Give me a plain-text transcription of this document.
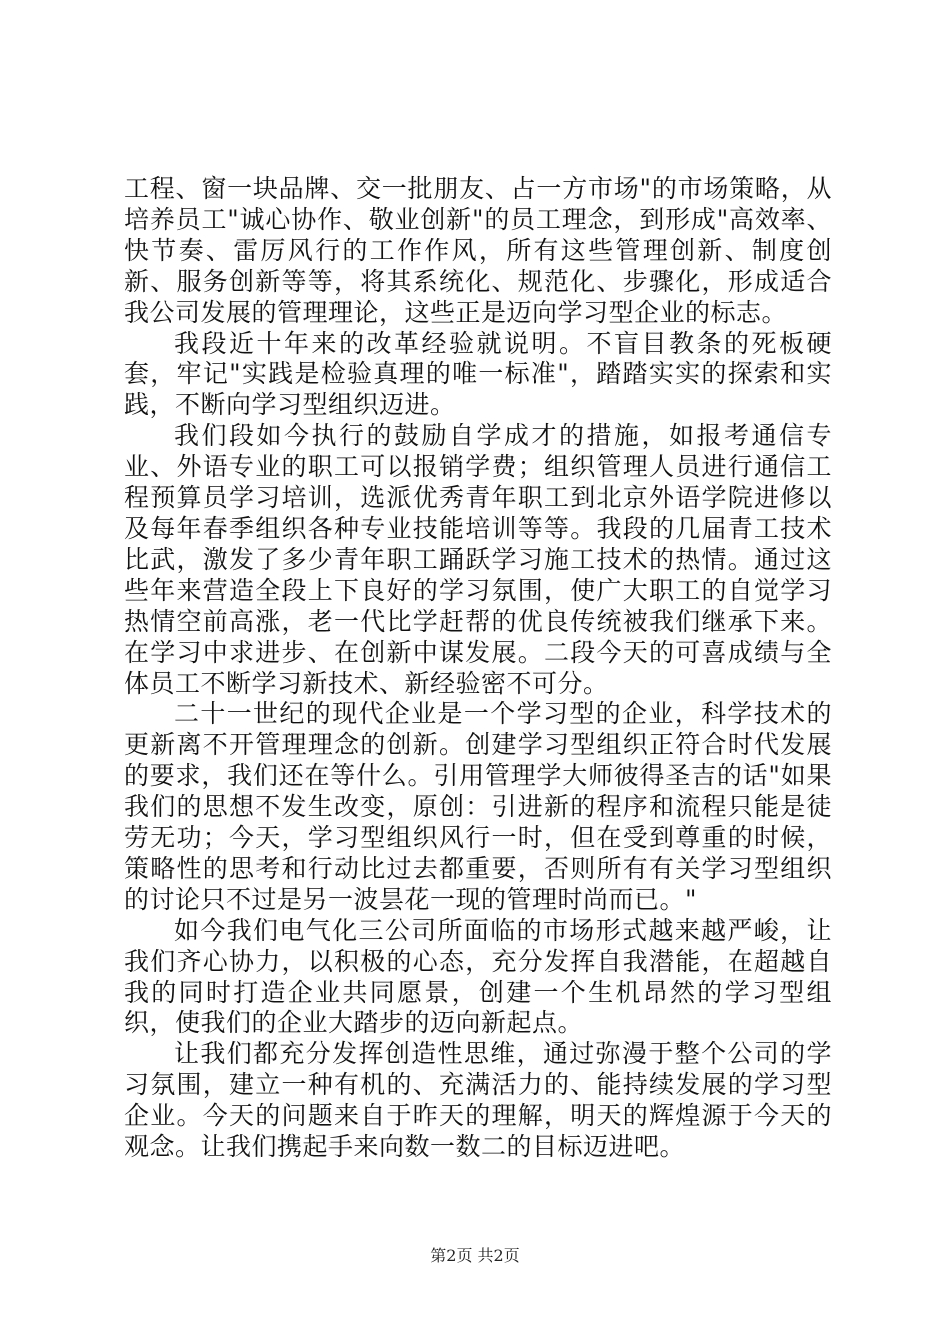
工程、窗一块品牌、交一批朋友、占一方市场"的市场策略，从培养员工"诚心协作、敬业创新"的员工理念，到形成"高效率、快节奏、雷厉风行的工作作风，所有这些管理创新、制度创新、服务创新等等，将其系统化、规范化、步骤化，形成适合我公司发展的管理理论，这些正是迈向学习型企业的标志。

我段近十年来的改革经验就说明。不盲目教条的死板硬套，牢记"实践是检验真理的唯一标准"，踏踏实实的探索和实践，不断向学习型组织迈进。

我们段如今执行的鼓励自学成才的措施，如报考通信专业、外语专业的职工可以报销学费；组织管理人员进行通信工程预算员学习培训，选派优秀青年职工到北京外语学院进修以及每年春季组织各种专业技能培训等等。我段的几届青工技术比武，激发了多少青年职工踊跃学习施工技术的热情。通过这些年来营造全段上下良好的学习氛围，使广大职工的自觉学习热情空前高涨，老一代比学赶帮的优良传统被我们继承下来。在学习中求进步、在创新中谋发展。二段今天的可喜成绩与全体员工不断学习新技术、新经验密不可分。

二十一世纪的现代企业是一个学习型的企业，科学技术的更新离不开管理理念的创新。创建学习型组织正符合时代发展的要求，我们还在等什么。引用管理学大师彼得圣吉的话"如果我们的思想不发生改变，原创：引进新的程序和流程只能是徒劳无功；今天，学习型组织风行一时，但在受到尊重的时候，策略性的思考和行动比过去都重要，否则所有有关学习型组织的讨论只不过是另一波昙花一现的管理时尚而已。"

如今我们电气化三公司所面临的市场形式越来越严峻，让我们齐心协力，以积极的心态，充分发挥自我潜能，在超越自我的同时打造企业共同愿景，创建一个生机昂然的学习型组织，使我们的企业大踏步的迈向新起点。

让我们都充分发挥创造性思维，通过弥漫于整个公司的学习氛围，建立一种有机的、充满活力的、能持续发展的学习型企业。今天的问题来自于昨天的理解，明天的辉煌源于今天的观念。让我们携起手来向数一数二的目标迈进吧。

第2页 共2页
